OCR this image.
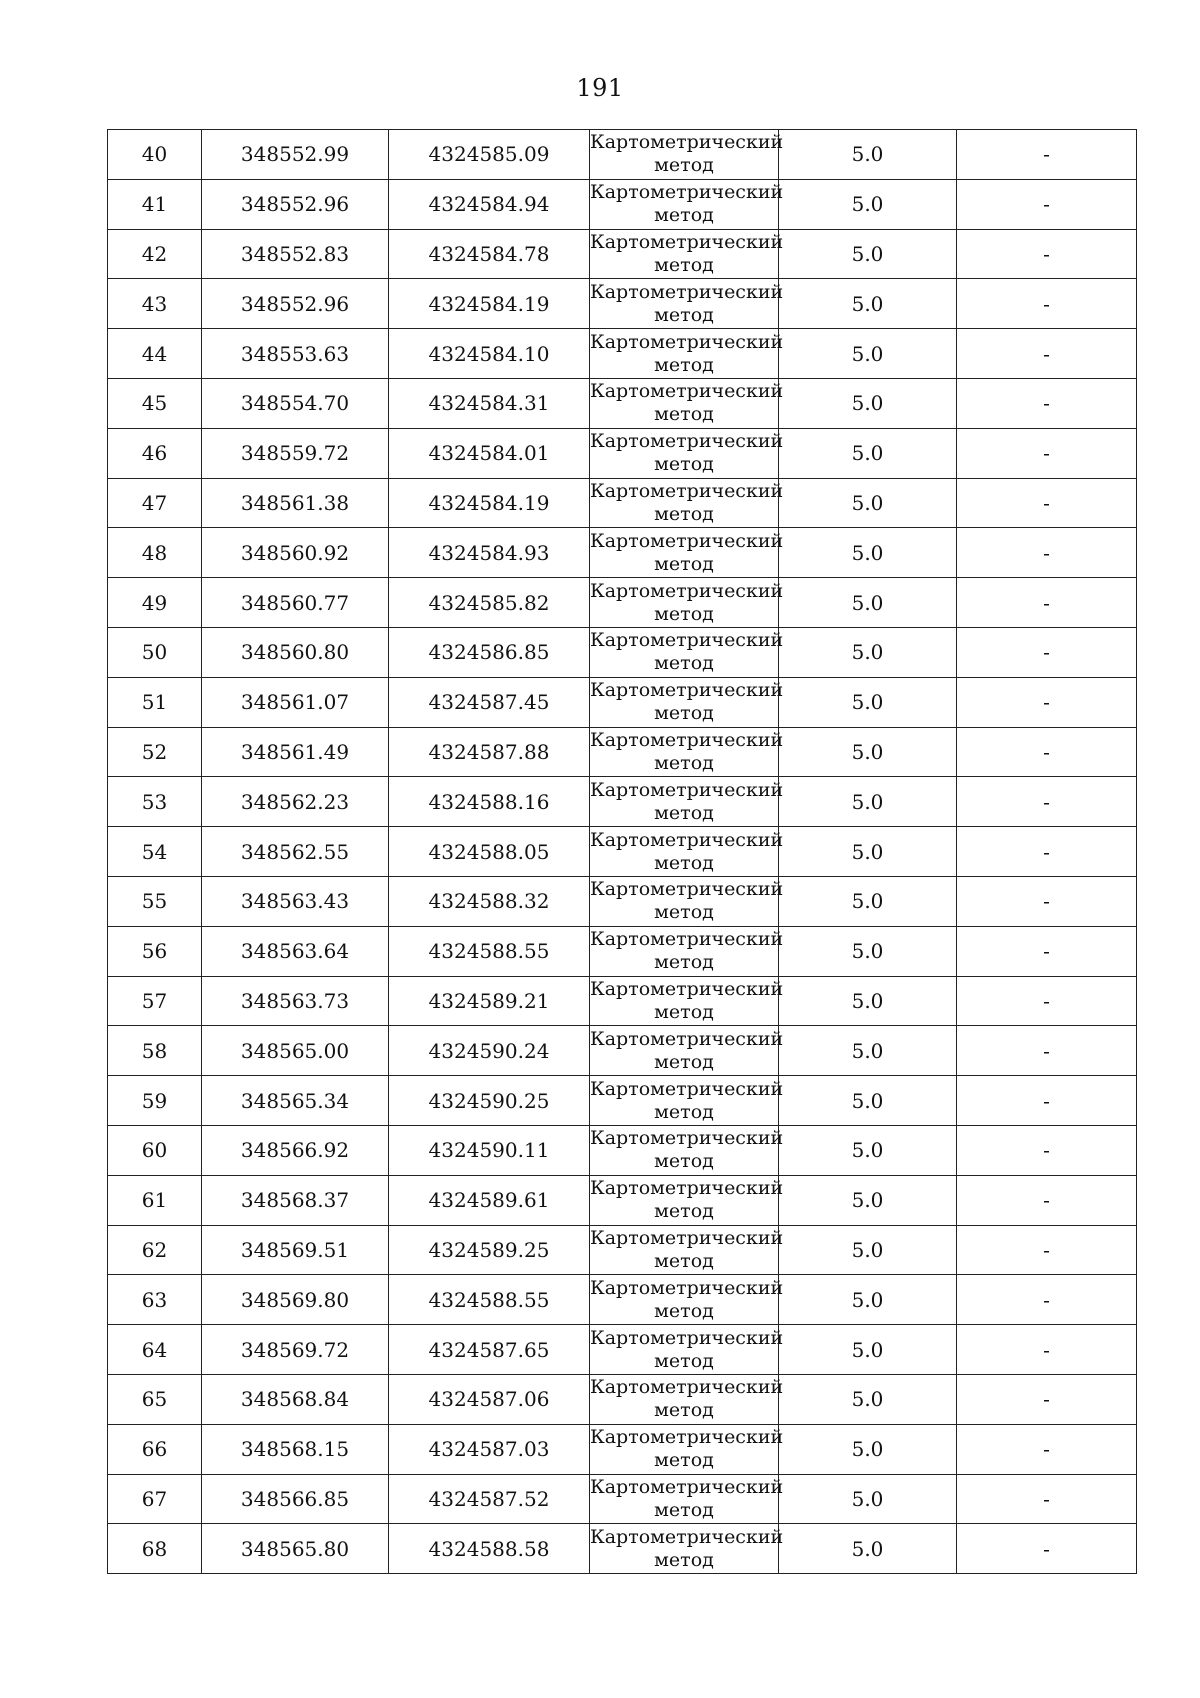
191
40	348552.99	4324585.09	Картометрический
метод	5.0	-
41	348552.96	4324584.94	Картометрический
метод	5.0	-
42	348552.83	4324584.78	Картометрический
метод	5.0	-
43	348552.96	4324584.19	Картометрический
метод	5.0	-
44	348553.63	4324584.10	Картометрический
метод	5.0	-
45	348554.70	4324584.31	Картометрический
метод	5.0	-
46	348559.72	4324584.01	Картометрический
метод	5.0	-
47	348561.38	4324584.19	Картометрический
метод	5.0	-
48	348560.92	4324584.93	Картометрический
метод	5.0	-
49	348560.77	4324585.82	Картометрический
метод	5.0	-
50	348560.80	4324586.85	Картометрический
метод	5.0	-
51	348561.07	4324587.45	Картометрический
метод	5.0	-
52	348561.49	4324587.88	Картометрический
метод	5.0	-
53	348562.23	4324588.16	Картометрический
метод	5.0	-
54	348562.55	4324588.05	Картометрический
метод	5.0	-
55	348563.43	4324588.32	Картометрический
метод	5.0	-
56	348563.64	4324588.55	Картометрический
метод	5.0	-
57	348563.73	4324589.21	Картометрический
метод	5.0	-
58	348565.00	4324590.24	Картометрический
метод	5.0	-
59	348565.34	4324590.25	Картометрический
метод	5.0	-
60	348566.92	4324590.11	Картометрический
метод	5.0	-
61	348568.37	4324589.61	Картометрический
метод	5.0	-
62	348569.51	4324589.25	Картометрический
метод	5.0	-
63	348569.80	4324588.55	Картометрический
метод	5.0	-
64	348569.72	4324587.65	Картометрический
метод	5.0	-
65	348568.84	4324587.06	Картометрический
метод	5.0	-
66	348568.15	4324587.03	Картометрический
метод	5.0	-
67	348566.85	4324587.52	Картометрический
метод	5.0	-
68	348565.80	4324588.58	Картометрический
метод	5.0	-
